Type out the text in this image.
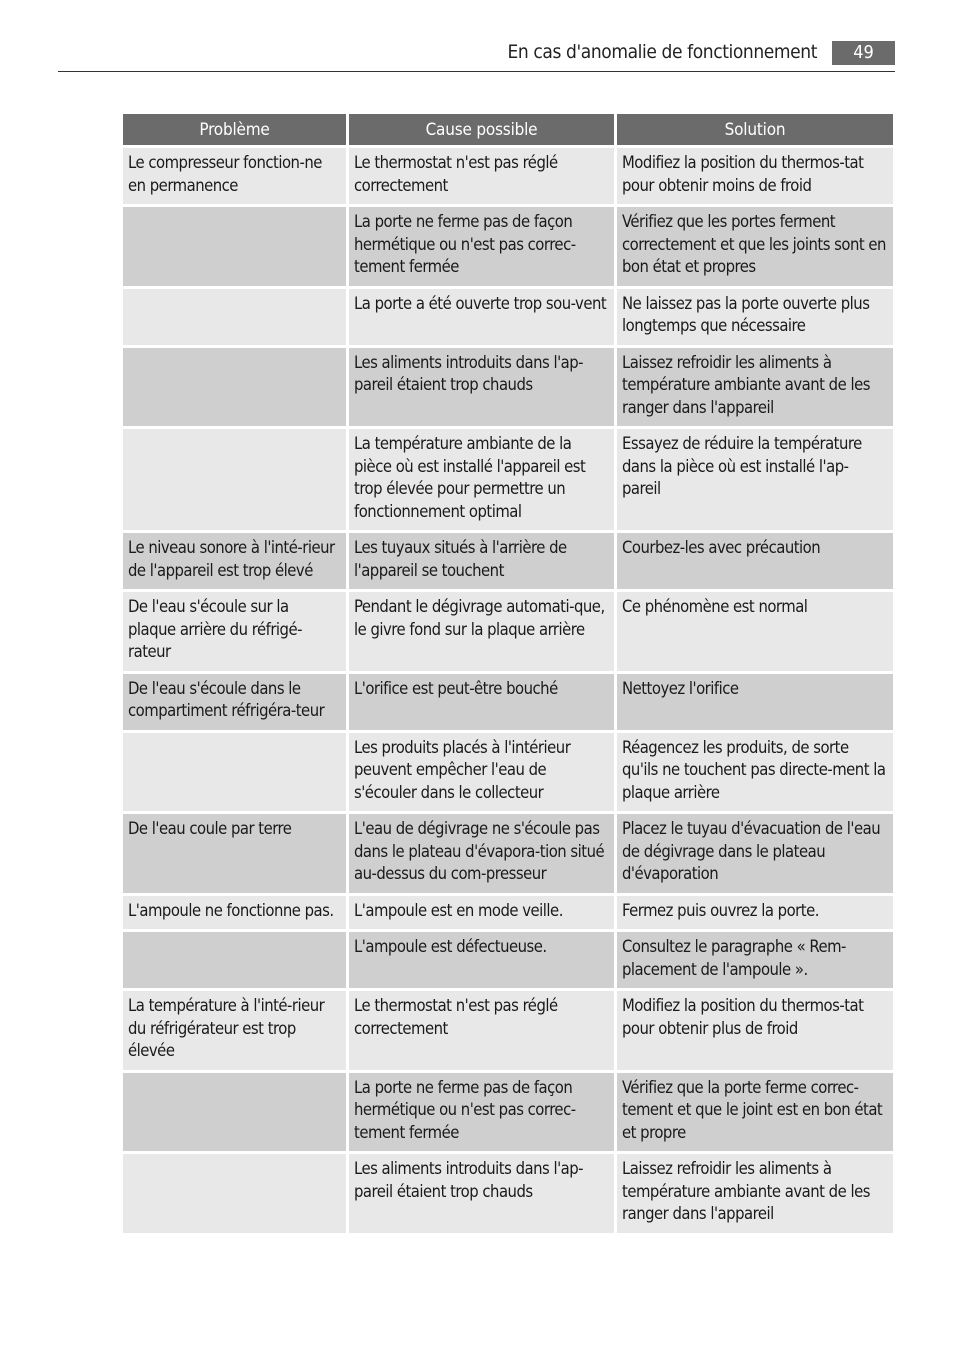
En cas d'anomalie de fonctionnement	49
Problème	Cause possible	Solution
Le compresseur fonction-ne en permanence	Le thermostat n'est pas réglé correctement	Modifiez la position du thermos-tat pour obtenir moins de froid
	La porte ne ferme pas de façon hermétique ou n'est pas correc-tement fermée	Vérifiez que les portes ferment correctement et que les joints sont en bon état et propres
	La porte a été ouverte trop sou-vent	Ne laissez pas la porte ouverte plus longtemps que nécessaire
	Les aliments introduits dans l'ap-pareil étaient trop chauds	Laissez refroidir les aliments à température ambiante avant de les ranger dans l'appareil
	La température ambiante de la pièce où est installé l'appareil est trop élevée pour permettre un fonctionnement optimal	Essayez de réduire la température dans la pièce où est installé l'ap-pareil
Le niveau sonore à l'inté-rieur de l'appareil est trop élevé	Les tuyaux situés à l'arrière de l'appareil se touchent	Courbez-les avec précaution
De l'eau s'écoule sur la plaque arrière du réfrigé-rateur	Pendant le dégivrage automati-que, le givre fond sur la plaque arrière	Ce phénomène est normal
De l'eau s'écoule dans le compartiment réfrigéra-teur	L'orifice est peut-être bouché	Nettoyez l'orifice
	Les produits placés à l'intérieur peuvent empêcher l'eau de s'écouler dans le collecteur	Réagencez les produits, de sorte qu'ils ne touchent pas directe-ment la plaque arrière
De l'eau coule par terre	L'eau de dégivrage ne s'écoule pas dans le plateau d'évapora-tion situé au-dessus du com-presseur	Placez le tuyau d'évacuation de l'eau de dégivrage dans le plateau d'évaporation
L'ampoule ne fonctionne pas.	L'ampoule est en mode veille.	Fermez puis ouvrez la porte.
	L'ampoule est défectueuse.	Consultez le paragraphe « Rem-placement de l'ampoule ».
La température à l'inté-rieur du réfrigérateur est trop élevée	Le thermostat n'est pas réglé correctement	Modifiez la position du thermos-tat pour obtenir plus de froid
	La porte ne ferme pas de façon hermétique ou n'est pas correc-tement fermée	Vérifiez que la porte ferme correc-tement et que le joint est en bon état et propre
	Les aliments introduits dans l'ap-pareil étaient trop chauds	Laissez refroidir les aliments à température ambiante avant de les ranger dans l'appareil
